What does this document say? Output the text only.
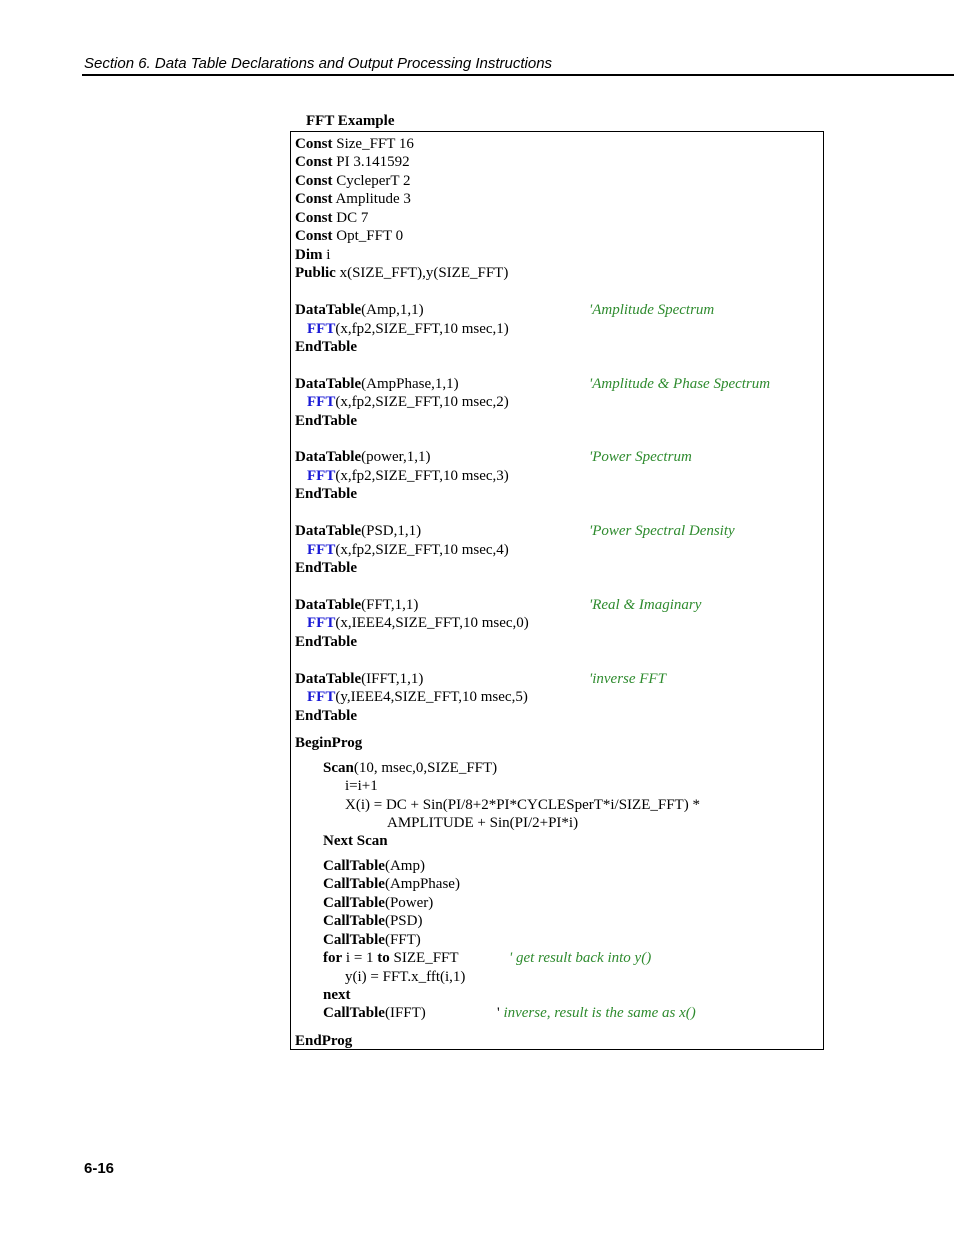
Section 6. Data Table Declarations and Output Processing Instructions
FFT Example
Const Size_FFT 16
Const PI 3.141592
Const CycleperT 2
Const Amplitude 3
Const DC 7
Const Opt_FFT 0
Dim i
Public x(SIZE_FFT),y(SIZE_FFT)
DataTable(Amp,1,1)	'Amplitude Spectrum
FFT(x,fp2,SIZE_FFT,10 msec,1)
EndTable
DataTable(AmpPhase,1,1)	'Amplitude & Phase Spectrum
FFT(x,fp2,SIZE_FFT,10 msec,2)
EndTable
DataTable(power,1,1)	'Power Spectrum
FFT(x,fp2,SIZE_FFT,10 msec,3)
EndTable
DataTable(PSD,1,1)	'Power Spectral Density
FFT(x,fp2,SIZE_FFT,10 msec,4)
EndTable
DataTable(FFT,1,1)	'Real & Imaginary
FFT(x,IEEE4,SIZE_FFT,10 msec,0)
EndTable
DataTable(IFFT,1,1)	'inverse FFT
FFT(y,IEEE4,SIZE_FFT,10 msec,5)
EndTable
BeginProg
Scan(10, msec,0,SIZE_FFT)
i=i+1
X(i) = DC + Sin(PI/8+2*PI*CYCLESperT*i/SIZE_FFT) *
AMPLITUDE + Sin(PI/2+PI*i)
Next Scan
CallTable(Amp)
CallTable(AmpPhase)
CallTable(Power)
CallTable(PSD)
CallTable(FFT)
for i = 1 to SIZE_FFT	' get result back into y()
y(i) = FFT.x_fft(i,1)
next
CallTable(IFFT)	' inverse, result is the same as x()
EndProg
6-16
